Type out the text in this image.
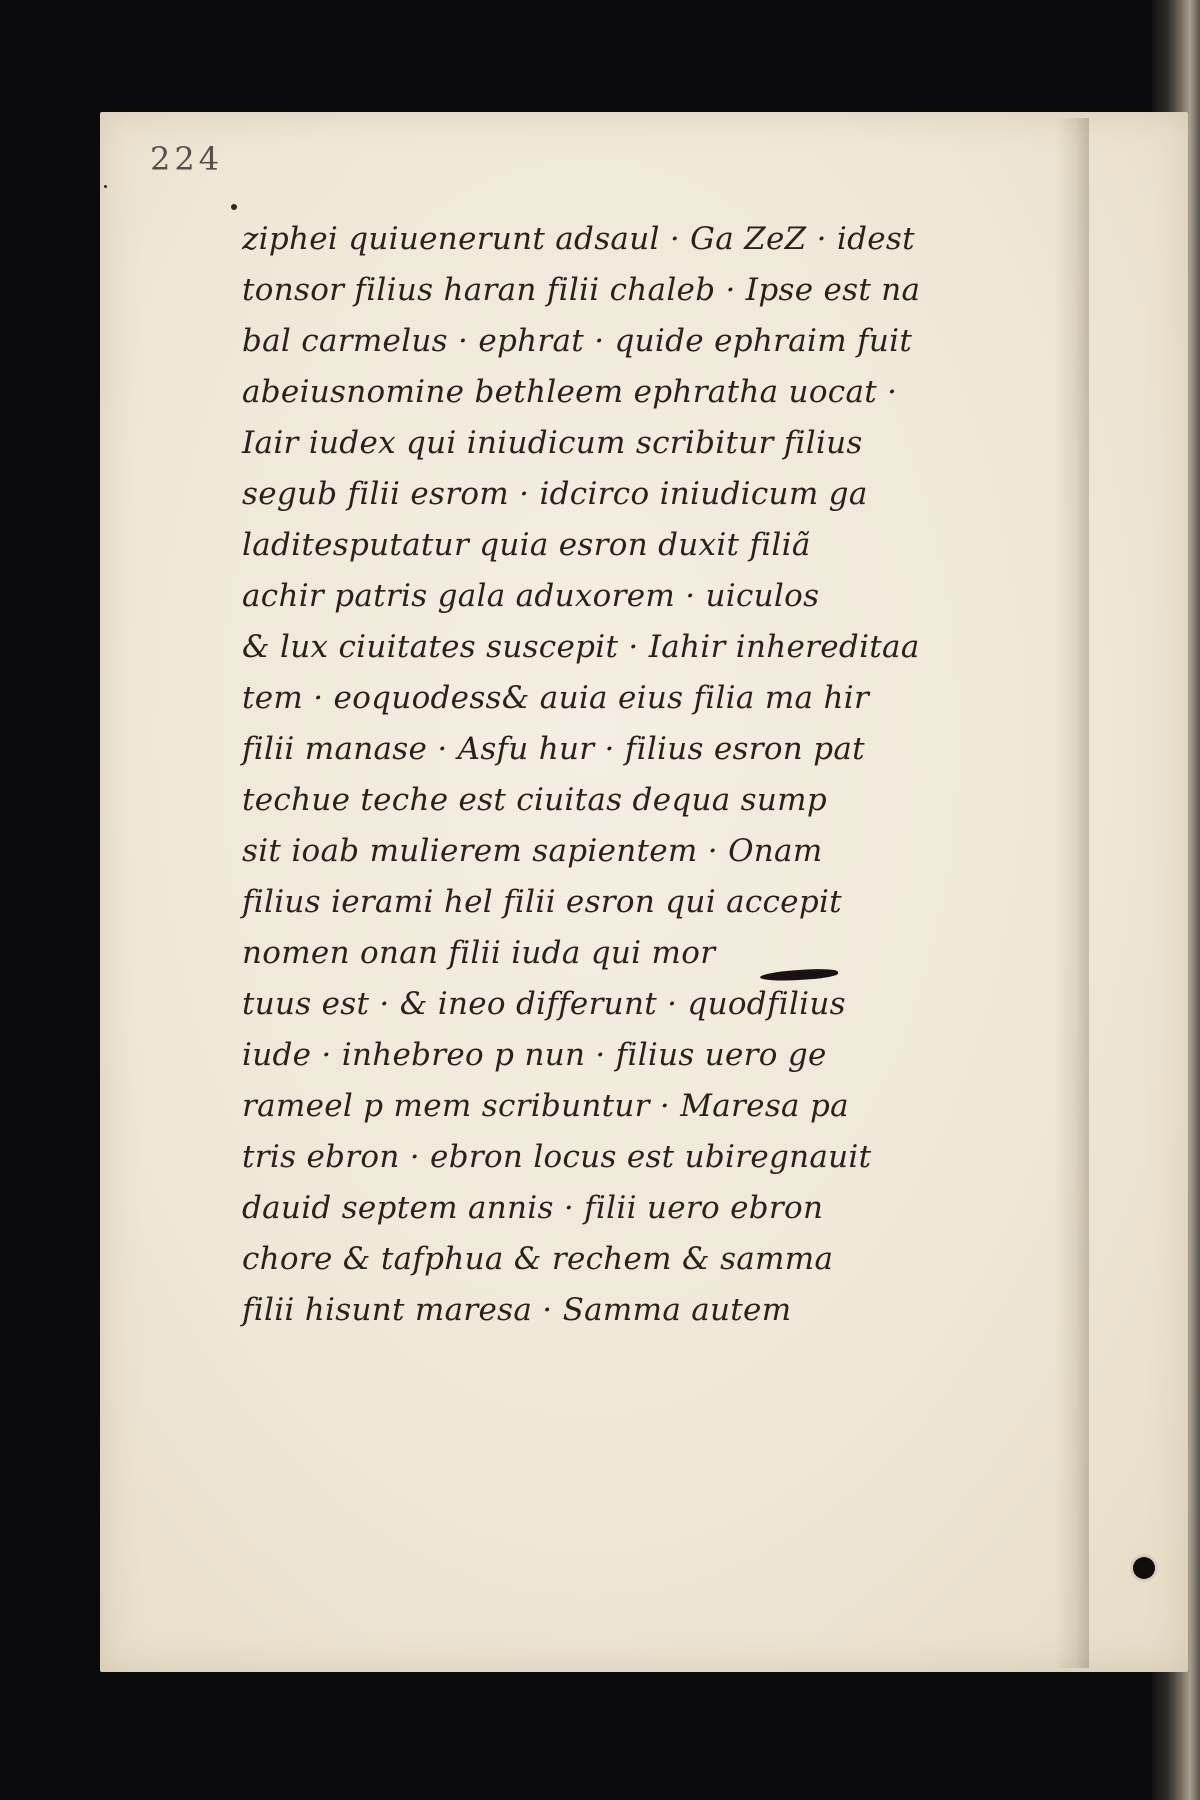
224
ziphei quiuenerunt adsaul · Ga ZeZ · idest
tonsor filius haran filii chaleb · Ipse est na
bal carmelus · ephrat · quide ephraim fuit
abeiusnomine bethleem ephratha uocat ·
Iair iudex qui iniudicum scribitur filius
segub filii esrom · idcirco iniudicum ga
laditesputatur quia esron duxit filiã
achir patris gala aduxorem · uiculos
& lux ciuitates suscepit · Iahir inhereditaa
tem · eoquodess& auia eius filia ma hir
filii manase · Asfu hur · filius esron pat
techue teche est ciuitas dequa sump
sit ioab mulierem sapientem · Onam
filius ierami hel filii esron qui accepit
nomen onan filii iuda qui mor
tuus est · & ineo differunt · quodfilius
iude · inhebreo p nun · filius uero ge
rameel p mem scribuntur · Maresa pa
tris ebron · ebron locus est ubiregnauit
dauid septem annis · filii uero ebron
chore & tafphua & rechem & samma
filii hisunt maresa · Samma autem
